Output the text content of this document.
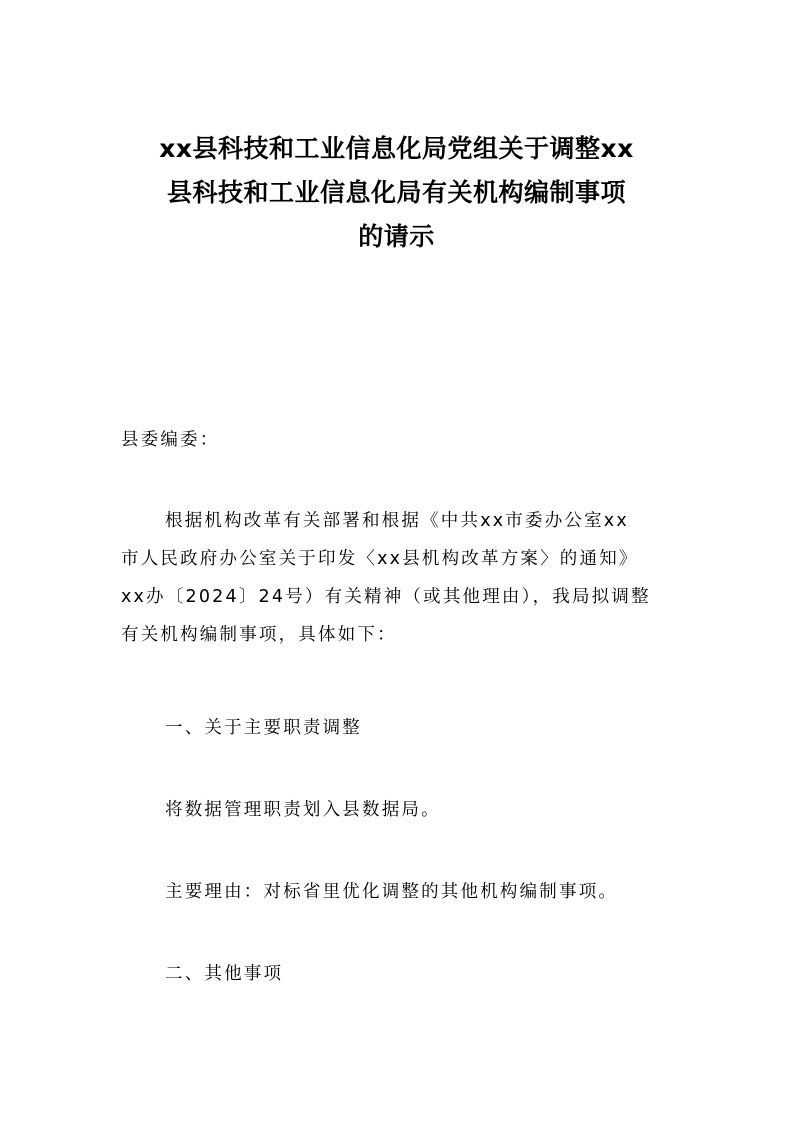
xx县科技和工业信息化局党组关于调整xx
县科技和工业信息化局有关机构编制事项
的请示
县委编委：
根据机构改革有关部署和根据《中共xx市委办公室xx
市人民政府办公室关于印发〈xx县机构改革方案〉的通知》
xx办〔2024〕24号）有关精神（或其他理由），我局拟调整
有关机构编制事项，具体如下：
一、关于主要职责调整
将数据管理职责划入县数据局。
主要理由：对标省里优化调整的其他机构编制事项。
二、其他事项
